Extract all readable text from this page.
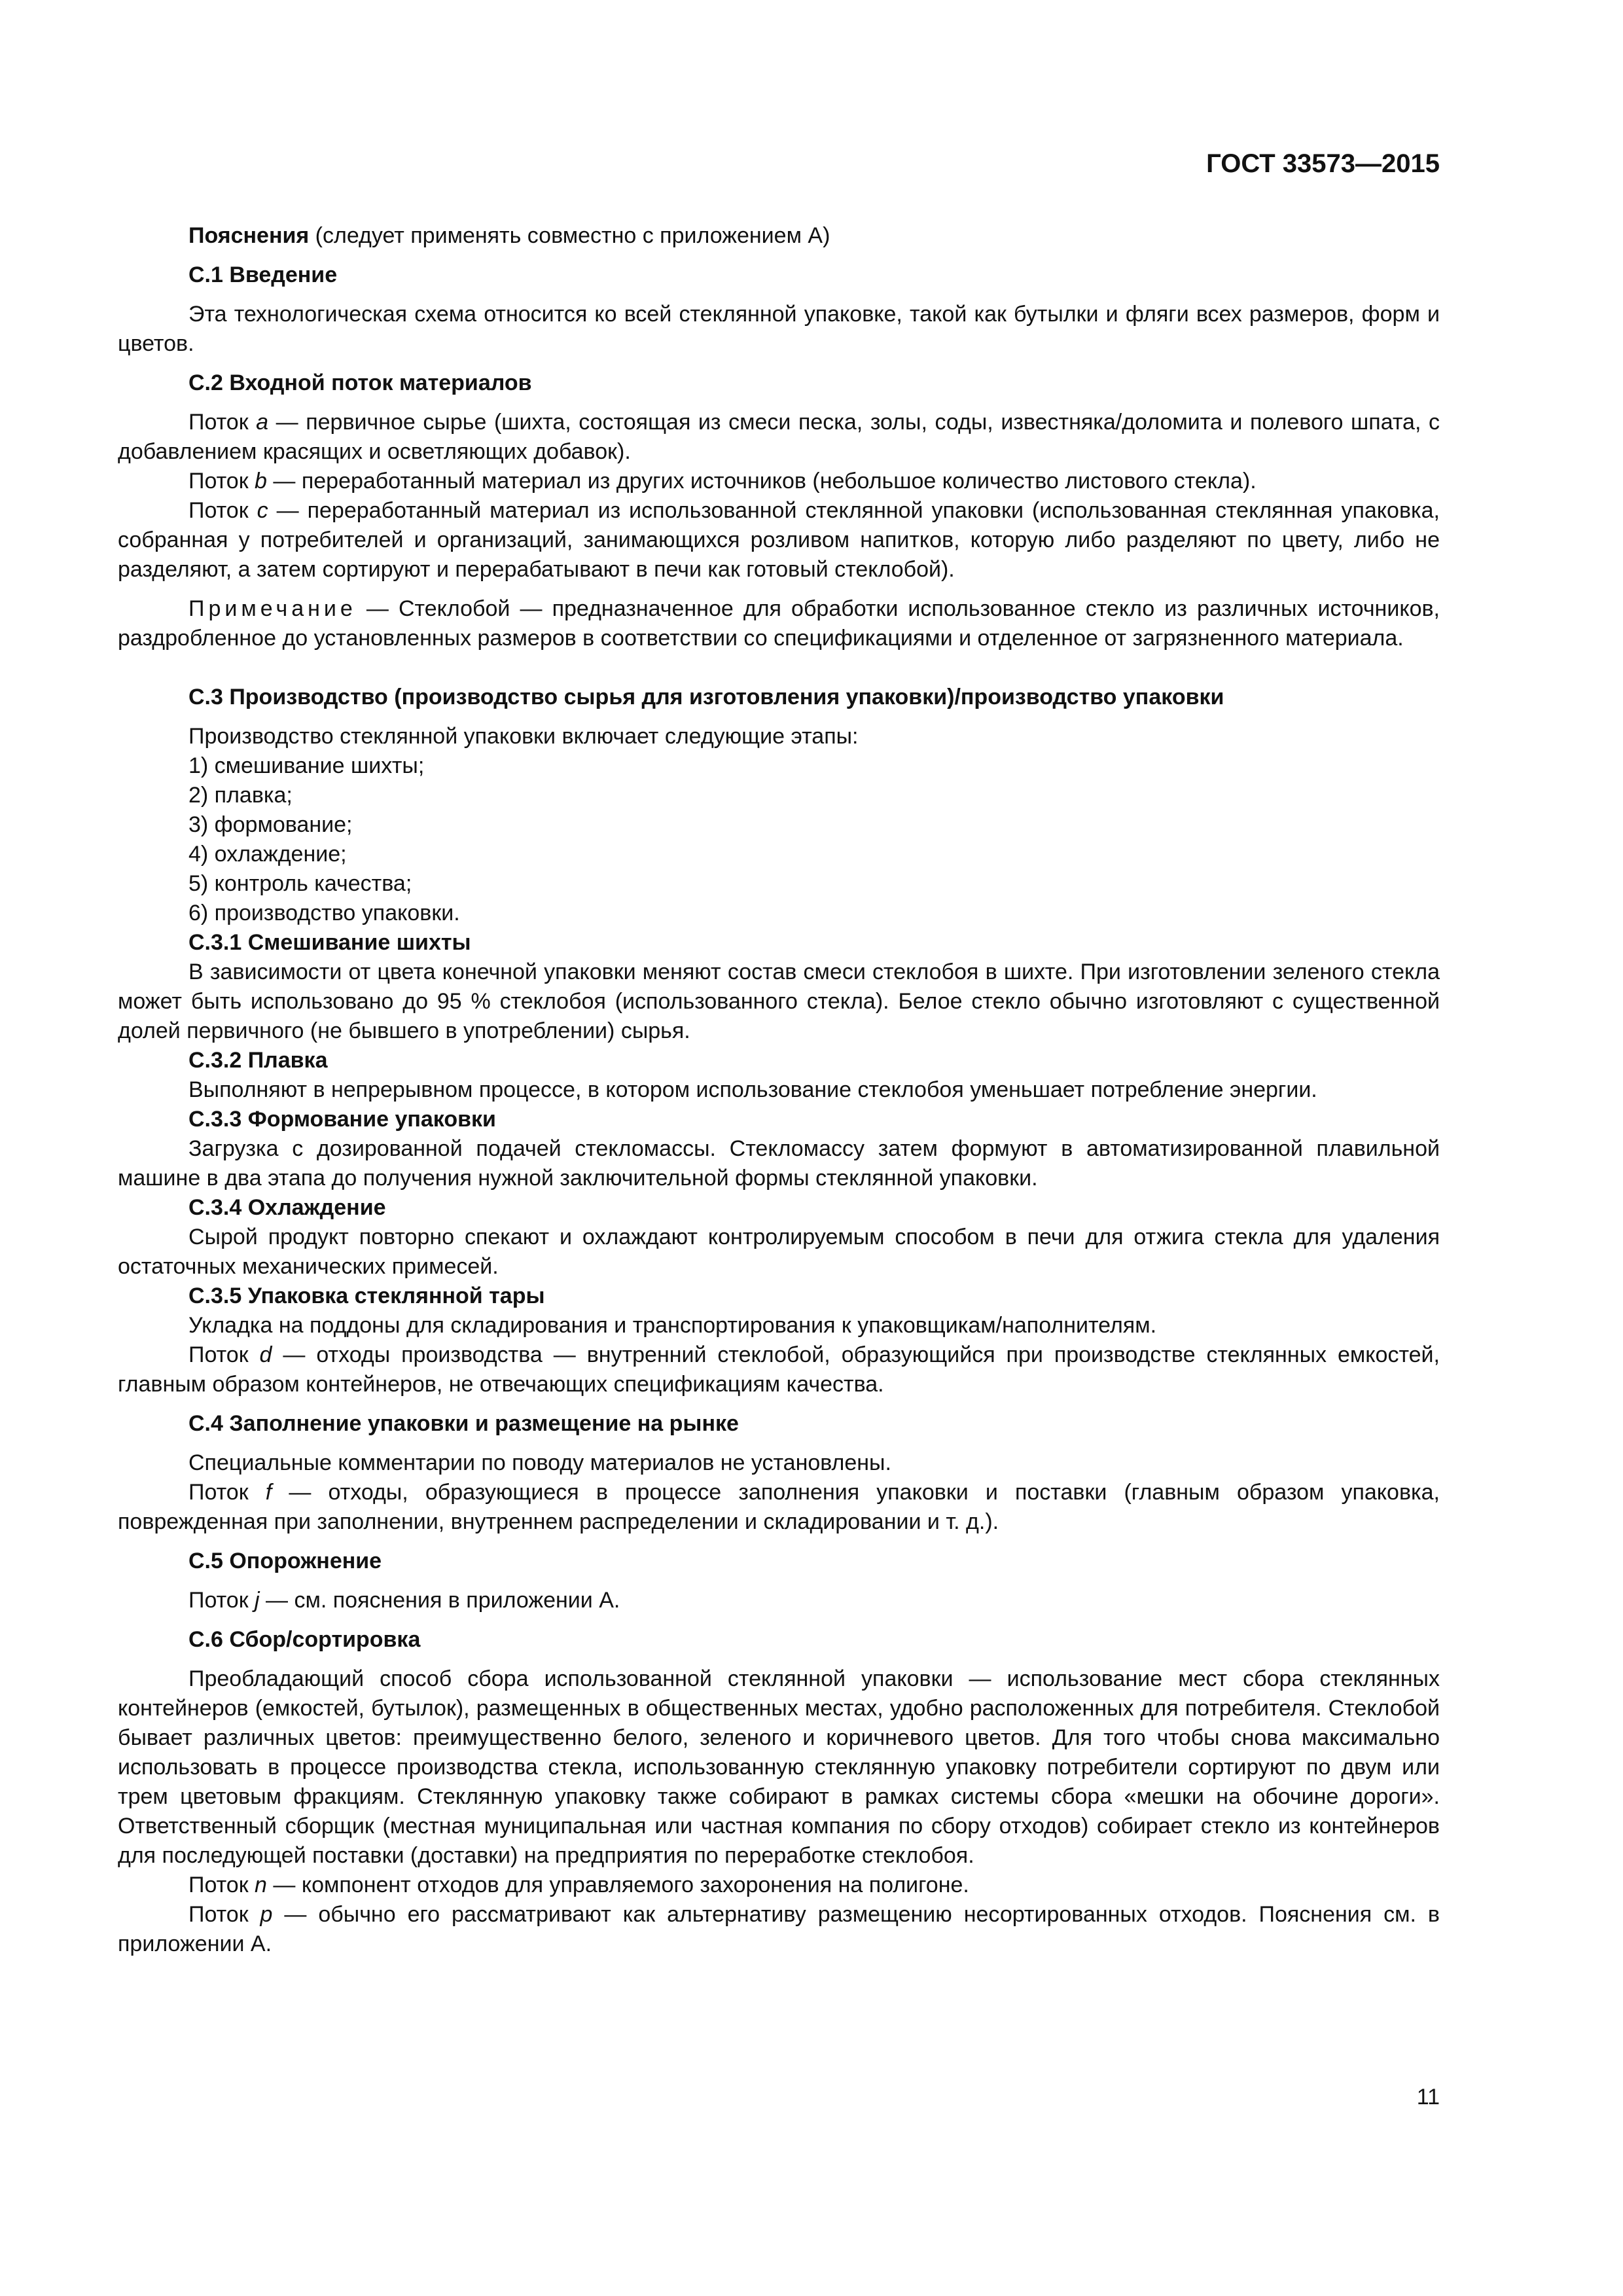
ГОСТ 33573—2015

Пояснения (следует применять совместно с приложением А)

С.1 Введение

Эта технологическая схема относится ко всей стеклянной упаковке, такой как бутылки и фляги всех размеров, форм и цветов.

С.2 Входной поток материалов

Поток a — первичное сырье (шихта, состоящая из смеси песка, золы, соды, известняка/доломита и полевого шпата, с добавлением красящих и осветляющих добавок).

Поток b — переработанный материал из других источников (небольшое количество листового стекла).

Поток c — переработанный материал из использованной стеклянной упаковки (использованная стеклянная упаковка, собранная у потребителей и организаций, занимающихся розливом напитков, которую либо разделяют по цвету, либо не разделяют, а затем сортируют и перерабатывают в печи как готовый стеклобой).

Примечание — Стеклобой — предназначенное для обработки использованное стекло из различных источников, раздробленное до установленных размеров в соответствии со спецификациями и отделенное от загрязненного материала.

С.3 Производство (производство сырья для изготовления упаковки)/производство упаковки

Производство стеклянной упаковки включает следующие этапы:

1) смешивание шихты;

2) плавка;

3) формование;

4) охлаждение;

5) контроль качества;

6) производство упаковки.

С.3.1 Смешивание шихты

В зависимости от цвета конечной упаковки меняют состав смеси стеклобоя в шихте. При изготовлении зеленого стекла может быть использовано до 95 % стеклобоя (использованного стекла). Белое стекло обычно изготовляют с существенной долей первичного (не бывшего в употреблении) сырья.

С.3.2 Плавка

Выполняют в непрерывном процессе, в котором использование стеклобоя уменьшает потребление энергии.

С.3.3 Формование упаковки

Загрузка с дозированной подачей стекломассы. Стекломассу затем формуют в автоматизированной плавильной машине в два этапа до получения нужной заключительной формы стеклянной упаковки.

С.3.4 Охлаждение

Сырой продукт повторно спекают и охлаждают контролируемым способом в печи для отжига стекла для удаления остаточных механических примесей.

С.3.5 Упаковка стеклянной тары

Укладка на поддоны для складирования и транспортирования к упаковщикам/наполнителям.

Поток d — отходы производства — внутренний стеклобой, образующийся при производстве стеклянных емкостей, главным образом контейнеров, не отвечающих спецификациям качества.

С.4 Заполнение упаковки и размещение на рынке

Специальные комментарии по поводу материалов не установлены.

Поток f — отходы, образующиеся в процессе заполнения упаковки и поставки (главным образом упаковка, поврежденная при заполнении, внутреннем распределении и складировании и т. д.).

С.5 Опорожнение

Поток j — см. пояснения в приложении А.

С.6 Сбор/сортировка

Преобладающий способ сбора использованной стеклянной упаковки — использование мест сбора стеклянных контейнеров (емкостей, бутылок), размещенных в общественных местах, удобно расположенных для потребителя. Стеклобой бывает различных цветов: преимущественно белого, зеленого и коричневого цветов. Для того чтобы снова максимально использовать в процессе производства стекла, использованную стеклянную упаковку потребители сортируют по двум или трем цветовым фракциям. Стеклянную упаковку также собирают в рамках системы сбора «мешки на обочине дороги». Ответственный сборщик (местная муниципальная или частная компания по сбору отходов) собирает стекло из контейнеров для последующей поставки (доставки) на предприятия по переработке стеклобоя.

Поток n — компонент отходов для управляемого захоронения на полигоне.

Поток p — обычно его рассматривают как альтернативу размещению несортированных отходов. Пояснения см. в приложении А.

11
